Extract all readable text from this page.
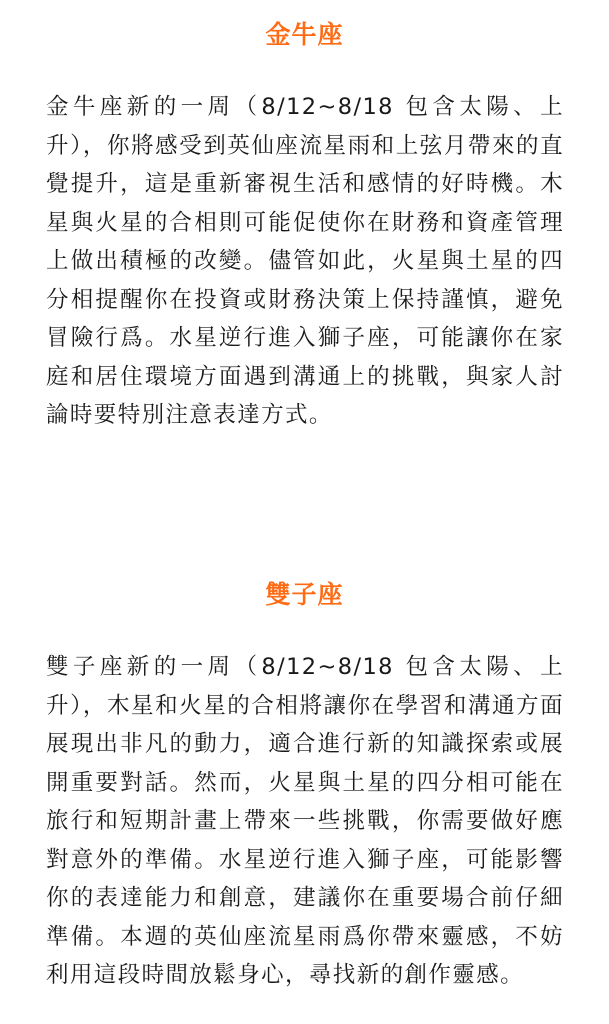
金牛座

金牛座新的一周（8/12~8/18 包含太陽、上升），你將感受到英仙座流星雨和上弦月帶來的直覺提升，這是重新審視生活和感情的好時機。木星與火星的合相則可能促使你在財務和資產管理上做出積極的改變。儘管如此，火星與土星的四分相提醒你在投資或財務決策上保持謹慎，避免冒險行爲。水星逆行進入獅子座，可能讓你在家庭和居住環境方面遇到溝通上的挑戰，與家人討論時要特別注意表達方式。

雙子座

雙子座新的一周（8/12~8/18 包含太陽、上升），木星和火星的合相將讓你在學習和溝通方面展現出非凡的動力，適合進行新的知識探索或展開重要對話。然而，火星與土星的四分相可能在旅行和短期計畫上帶來一些挑戰，你需要做好應對意外的準備。水星逆行進入獅子座，可能影響你的表達能力和創意，建議你在重要場合前仔細準備。本週的英仙座流星雨爲你帶來靈感，不妨利用這段時間放鬆身心，尋找新的創作靈感。
